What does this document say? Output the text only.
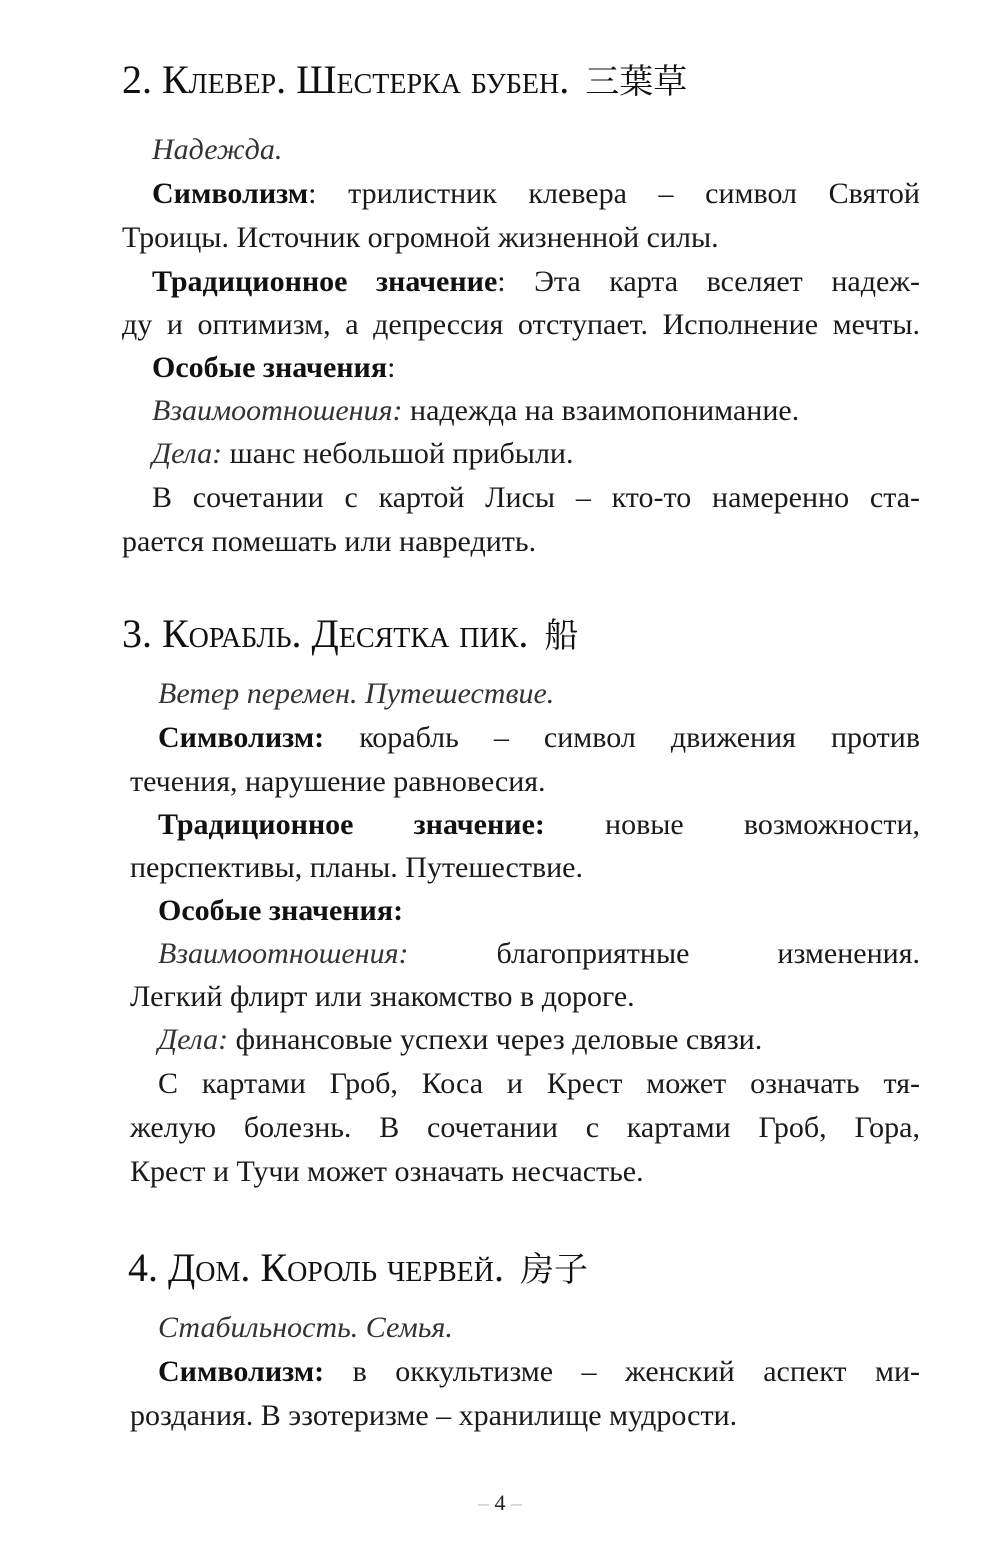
2. Клевер. Шестерка бубен. 三葉草

Надежда.

Символизм: трилистник клевера – символ Святой

Троицы. Источник огромной жизненной силы.

Традиционное значение: Эта карта вселяет надеж-

ду и оптимизм, а депрессия отступает. Исполнение мечты.

Особые значения:

Взаимоотношения: надежда на взаимопонимание.

Дела: шанс небольшой прибыли.

В сочетании с картой Лисы – кто-то намеренно ста-

рается помешать или навредить.

3. Корабль. Десятка пик. 船

Ветер перемен. Путешествие.

Символизм: корабль – символ движения против

течения, нарушение равновесия.

Традиционное значение: новые возможности,

перспективы, планы. Путешествие.

Особые значения:

Взаимоотношения: благоприятные изменения.

Легкий флирт или знакомство в дороге.

Дела: финансовые успехи через деловые связи.

С картами Гроб, Коса и Крест может означать тя-

желую болезнь. В сочетании с картами Гроб, Гора,

Крест и Тучи может означать несчастье.

4. Дом. Король червей. 房子

Стабильность. Семья.

Символизм: в оккультизме – женский аспект ми-

роздания. В эзотеризме – хранилище мудрости.

– 4 –
